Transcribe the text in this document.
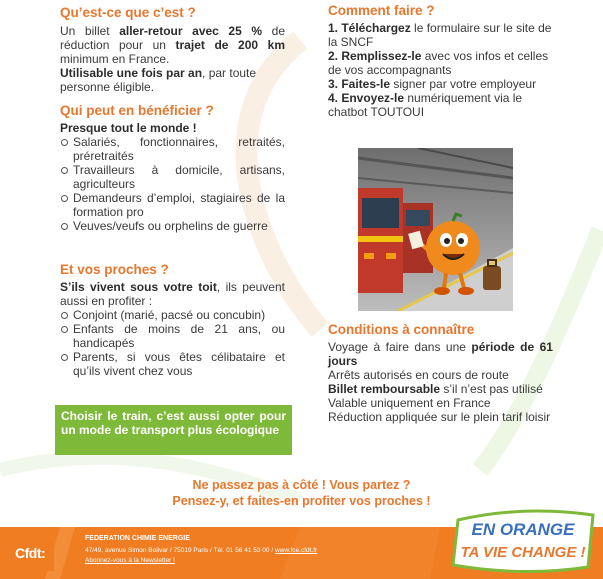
Qu’est-ce que c’est ?

Un billet aller-retour avec 25 % de réduction pour un trajet de 200 km minimum en France.

Utilisable une fois par an, par toute personne éligible.

Qui peut en bénéficier ?

Presque tout le monde !

Salariés, fonctionnaires, retraités, préretraités
Travailleurs à domicile, artisans, agriculteurs
Demandeurs d’emploi, stagiaires de la formation pro
Veuves/veufs ou orphelins de guerre
Et vos proches ?

S’ils vivent sous votre toit, ils peuvent aussi en profiter :

Conjoint (marié, pacsé ou concubin)
Enfants de moins de 21 ans, ou handicapés
Parents, si vous êtes célibataire et qu’ils vivent chez vous
Choisir le train, c’est aussi opter pour un mode de transport plus écologique
Comment faire ?

1. Téléchargez le formulaire sur le site de la SNCF

2. Remplissez-le avec vos infos et celles de vos accompagnants

3. Faites-le signer par votre employeur

4. Envoyez-le numériquement via le chatbot TOUTOUI

Conditions à connaître

Voyage à faire dans une période de 61 jours

Arrêts autorisés en cours de route

Billet remboursable s’il n’est pas utilisé

Valable uniquement en France

Réduction appliquée sur le plein tarif loisir

Ne passez pas à côté ! Vous partez ?
Pensez-y, et faites-en profiter vos proches !
Cfdt:
FEDERATION CHIMIE ENERGIE
47/49, avenue Simon Bolivar / 75019 Paris / Tél. 01 56 41 53 00 / www.fce.cfdt.fr
Abonnez-vous à la Newsletter !
EN ORANGE
TA VIE CHANGE !
